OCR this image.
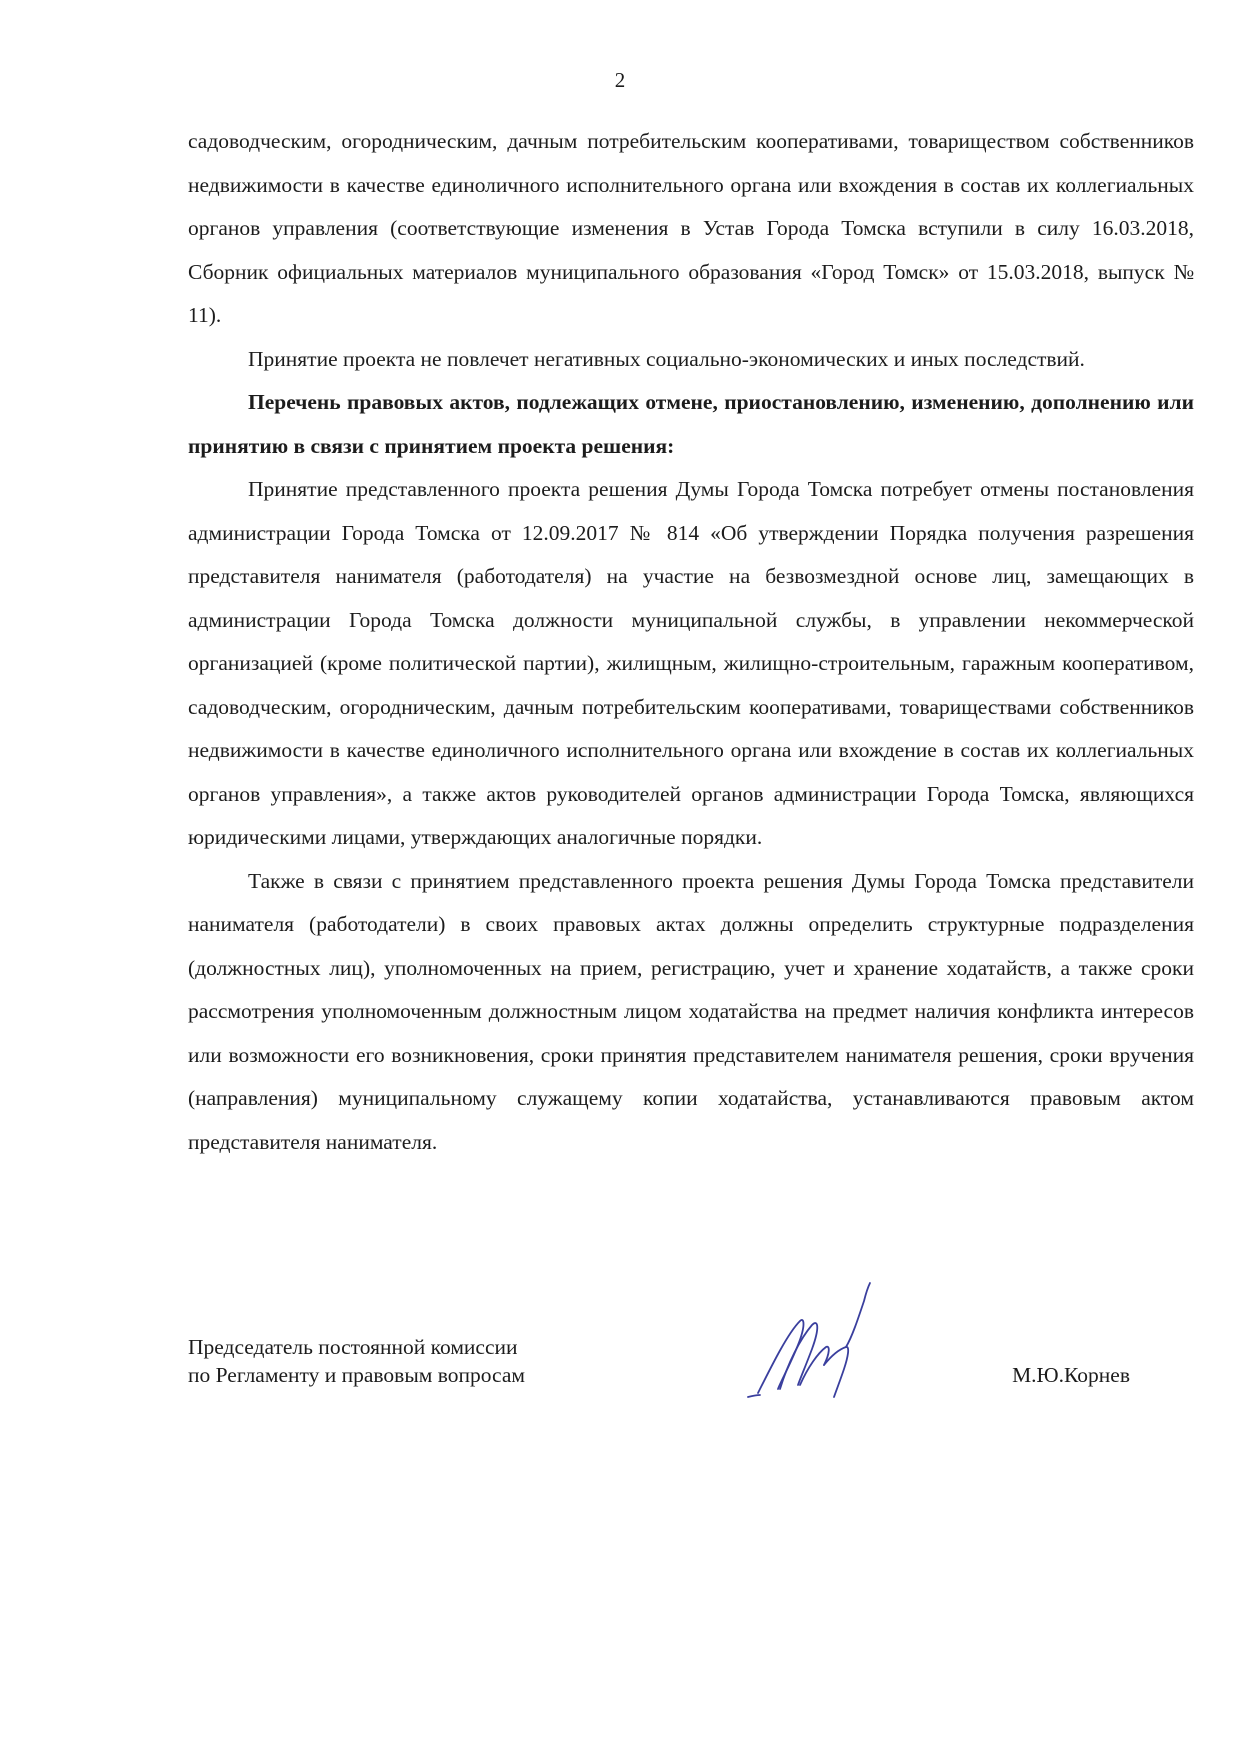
2

садоводческим, огородническим, дачным потребительским кооперативами, товариществом собственников недвижимости в качестве единоличного исполнительного органа или вхождения в состав их коллегиальных органов управления (соответствующие изменения в Устав Города Томска вступили в силу 16.03.2018, Сборник официальных материалов муниципального образования «Город Томск» от 15.03.2018, выпуск № 11).

Принятие проекта не повлечет негативных социально-экономических и иных последствий.

Перечень правовых актов, подлежащих отмене, приостановлению, изменению, дополнению или принятию в связи с принятием проекта решения:

Принятие представленного проекта решения Думы Города Томска потребует отмены постановления администрации Города Томска от 12.09.2017 № 814 «Об утверждении Порядка получения разрешения представителя нанимателя (работодателя) на участие на безвозмездной основе лиц, замещающих в администрации Города Томска должности муниципальной службы, в управлении некоммерческой организацией (кроме политической партии), жилищным, жилищно-строительным, гаражным кооперативом, садоводческим, огородническим, дачным потребительским кооперативами, товариществами собственников недвижимости в качестве единоличного исполнительного органа или вхождение в состав их коллегиальных органов управления», а также актов руководителей органов администрации Города Томска, являющихся юридическими лицами, утверждающих аналогичные порядки.

Также в связи с принятием представленного проекта решения Думы Города Томска представители нанимателя (работодатели) в своих правовых актах должны определить структурные подразделения (должностных лиц), уполномоченных на прием, регистрацию, учет и хранение ходатайств, а также сроки рассмотрения уполномоченным должностным лицом ходатайства на предмет наличия конфликта интересов или возможности его возникновения, сроки принятия представителем нанимателя решения, сроки вручения (направления) муниципальному служащему копии ходатайства, устанавливаются правовым актом представителя нанимателя.

Председатель постоянной комиссии
по Регламенту и правовым вопросам	М.Ю.Корнев
